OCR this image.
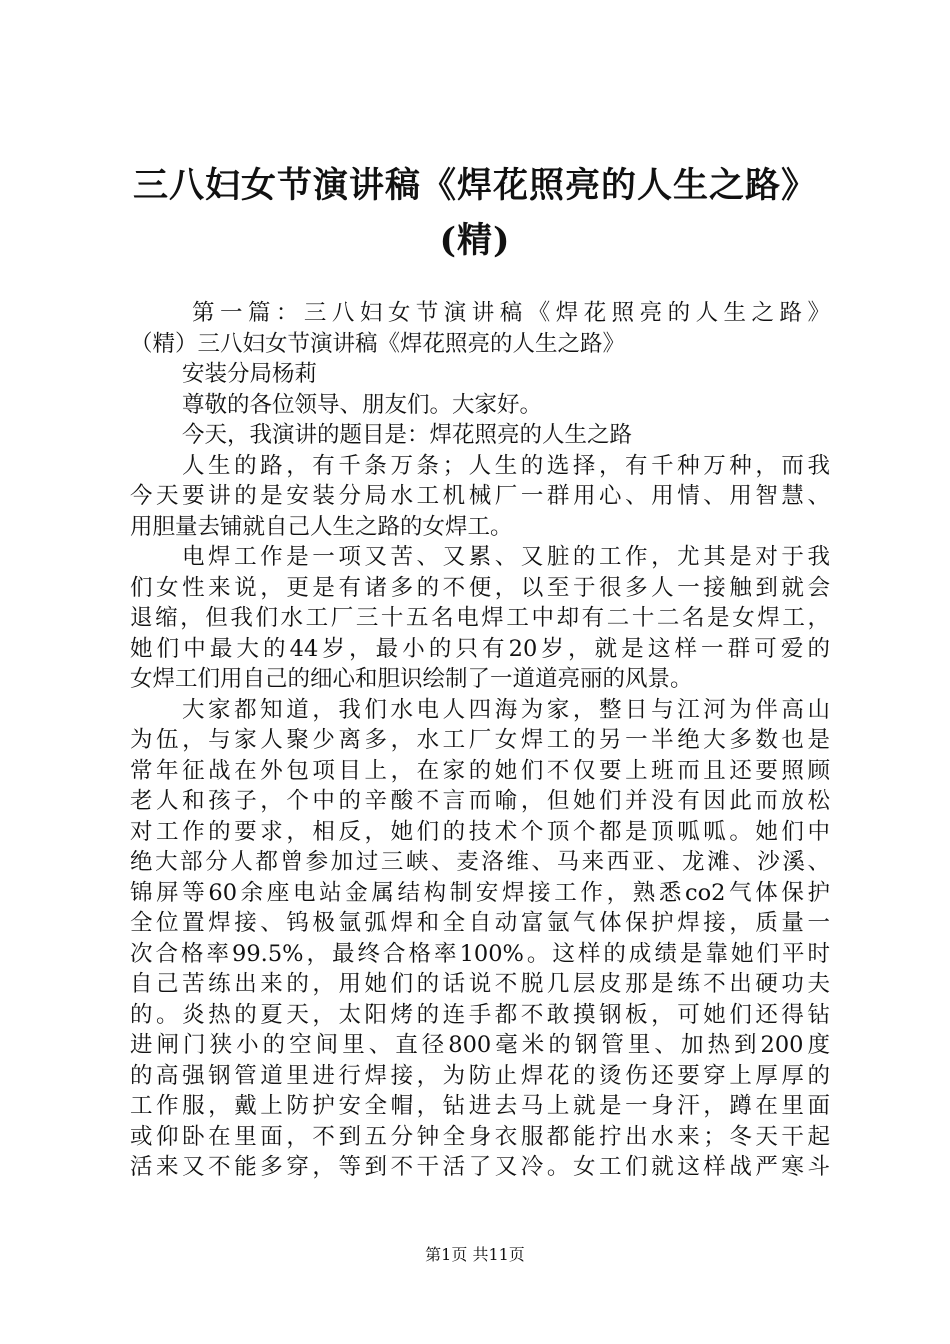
三八妇女节演讲稿《焊花照亮的人生之路》
(精)
第一篇：三八妇女节演讲稿《焊花照亮的人生之路》
（精）三八妇女节演讲稿《焊花照亮的人生之路》
安装分局杨莉
尊敬的各位领导、朋友们。大家好。
今天，我演讲的题目是：焊花照亮的人生之路
人生的路，有千条万条；人生的选择，有千种万种，而我
今天要讲的是安装分局水工机械厂一群用心、用情、用智慧、
用胆量去铺就自己人生之路的女焊工。
电焊工作是一项又苦、又累、又脏的工作，尤其是对于我
们女性来说，更是有诸多的不便，以至于很多人一接触到就会
退缩，但我们水工厂三十五名电焊工中却有二十二名是女焊工，
她们中最大的44岁，最小的只有20岁，就是这样一群可爱的
女焊工们用自己的细心和胆识绘制了一道道亮丽的风景。
大家都知道，我们水电人四海为家，整日与江河为伴高山
为伍，与家人聚少离多，水工厂女焊工的另一半绝大多数也是
常年征战在外包项目上，在家的她们不仅要上班而且还要照顾
老人和孩子，个中的辛酸不言而喻，但她们并没有因此而放松
对工作的要求，相反，她们的技术个顶个都是顶呱呱。她们中
绝大部分人都曾参加过三峡、麦洛维、马来西亚、龙滩、沙溪、
锦屏等60余座电站金属结构制安焊接工作，熟悉co2气体保护
全位置焊接、钨极氩弧焊和全自动富氩气体保护焊接，质量一
次合格率99.5%，最终合格率100%。这样的成绩是靠她们平时
自己苦练出来的，用她们的话说不脱几层皮那是练不出硬功夫
的。炎热的夏天，太阳烤的连手都不敢摸钢板，可她们还得钻
进闸门狭小的空间里、直径800毫米的钢管里、加热到200度
的高强钢管道里进行焊接，为防止焊花的烫伤还要穿上厚厚的
工作服，戴上防护安全帽，钻进去马上就是一身汗，蹲在里面
或仰卧在里面，不到五分钟全身衣服都能拧出水来；冬天干起
活来又不能多穿，等到不干活了又冷。女工们就这样战严寒斗
第1页 共11页
